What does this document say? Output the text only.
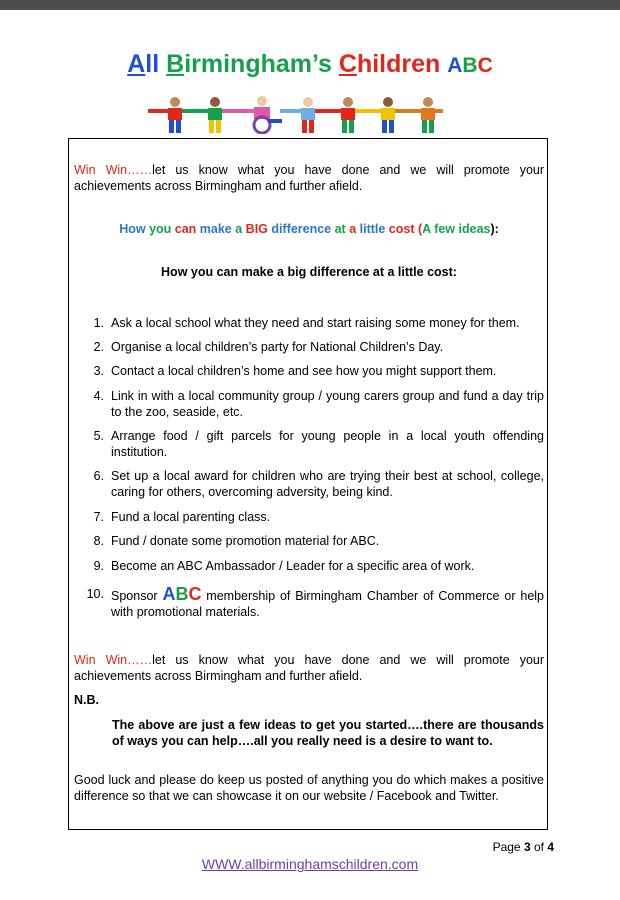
All Birmingham’s Children ABC
Win Win……let us know what you have done and we will promote your achievements across Birmingham and further afield.
How you can make a BIG difference at a little cost (A few ideas):
How you can make a big difference at a little cost:
1. Ask a local school what they need and start raising some money for them.
2. Organise a local children’s party for National Children’s Day.
3. Contact a local children’s home and see how you might support them.
4. Link in with a local community group / young carers group and fund a day trip to the zoo, seaside, etc.
5. Arrange food / gift parcels for young people in a local youth offending institution.
6. Set up a local award for children who are trying their best at school, college, caring for others, overcoming adversity, being kind.
7. Fund a local parenting class.
8. Fund / donate some promotion material for ABC.
9. Become an ABC Ambassador / Leader for a specific area of work.
10. Sponsor ABC membership of Birmingham Chamber of Commerce or help with promotional materials.
Win Win……let us know what you have done and we will promote your achievements across Birmingham and further afield.
N.B.
The above are just a few ideas to get you started….there are thousands of ways you can help….all you really need is a desire to want to.
Good luck and please do keep us posted of anything you do which makes a positive difference so that we can showcase it on our website / Facebook and Twitter.
Page 3 of 4
WWW.allbirminghamschildren.com
